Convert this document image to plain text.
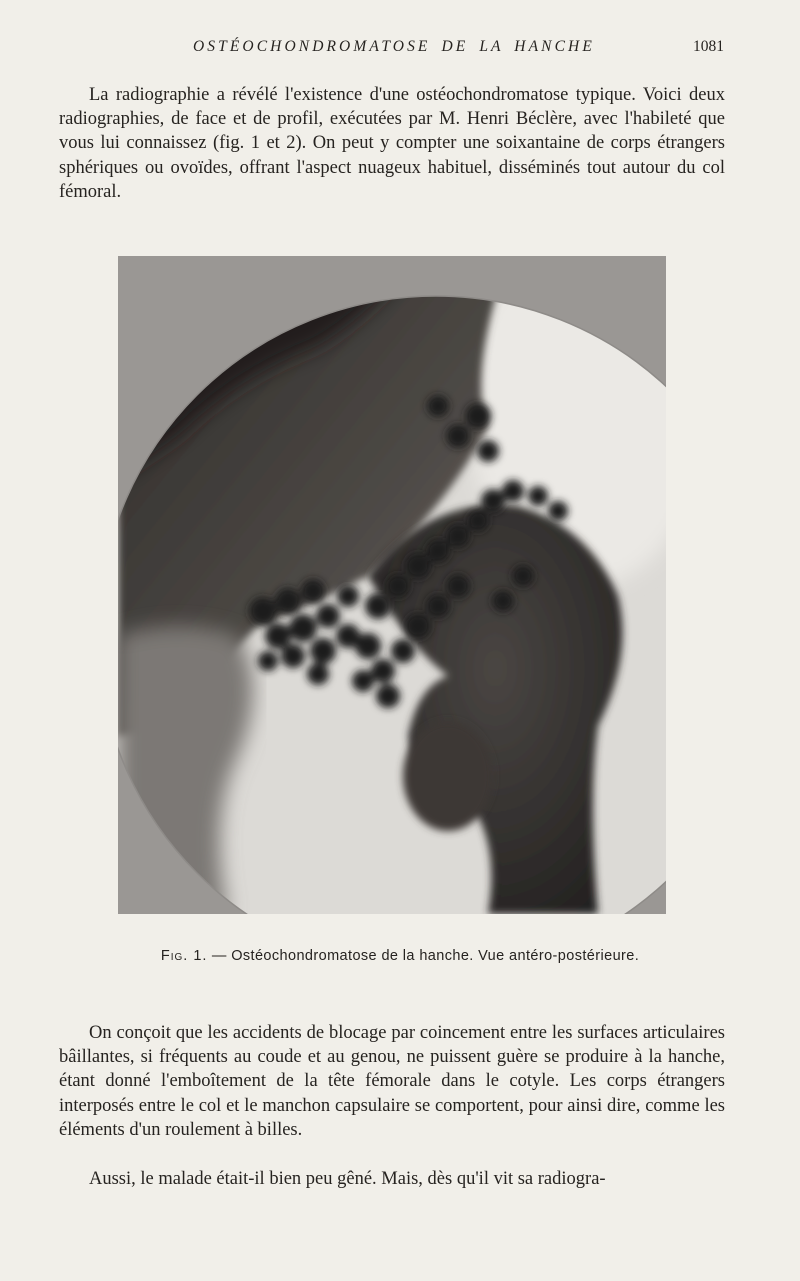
OSTÉOCHONDROMATOSE DE LA HANCHE	1081

La radiographie a révélé l'existence d'une ostéochondromatose typique. Voici deux radiographies, de face et de profil, exécutées par M. Henri Béclère, avec l'habileté que vous lui connaissez (fig. 1 et 2). On peut y compter une soixantaine de corps étrangers sphériques ou ovoïdes, offrant l'aspect nuageux habituel, disséminés tout autour du col fémoral.

Fig. 1. — Ostéochondromatose de la hanche. Vue antéro-postérieure.

On conçoit que les accidents de blocage par coincement entre les surfaces articulaires bâillantes, si fréquents au coude et au genou, ne puissent guère se produire à la hanche, étant donné l'emboîtement de la tête fémorale dans le cotyle. Les corps étrangers interposés entre le col et le manchon capsulaire se comportent, pour ainsi dire, comme les éléments d'un roulement à billes.

Aussi, le malade était-il bien peu gêné. Mais, dès qu'il vit sa radiogra-
